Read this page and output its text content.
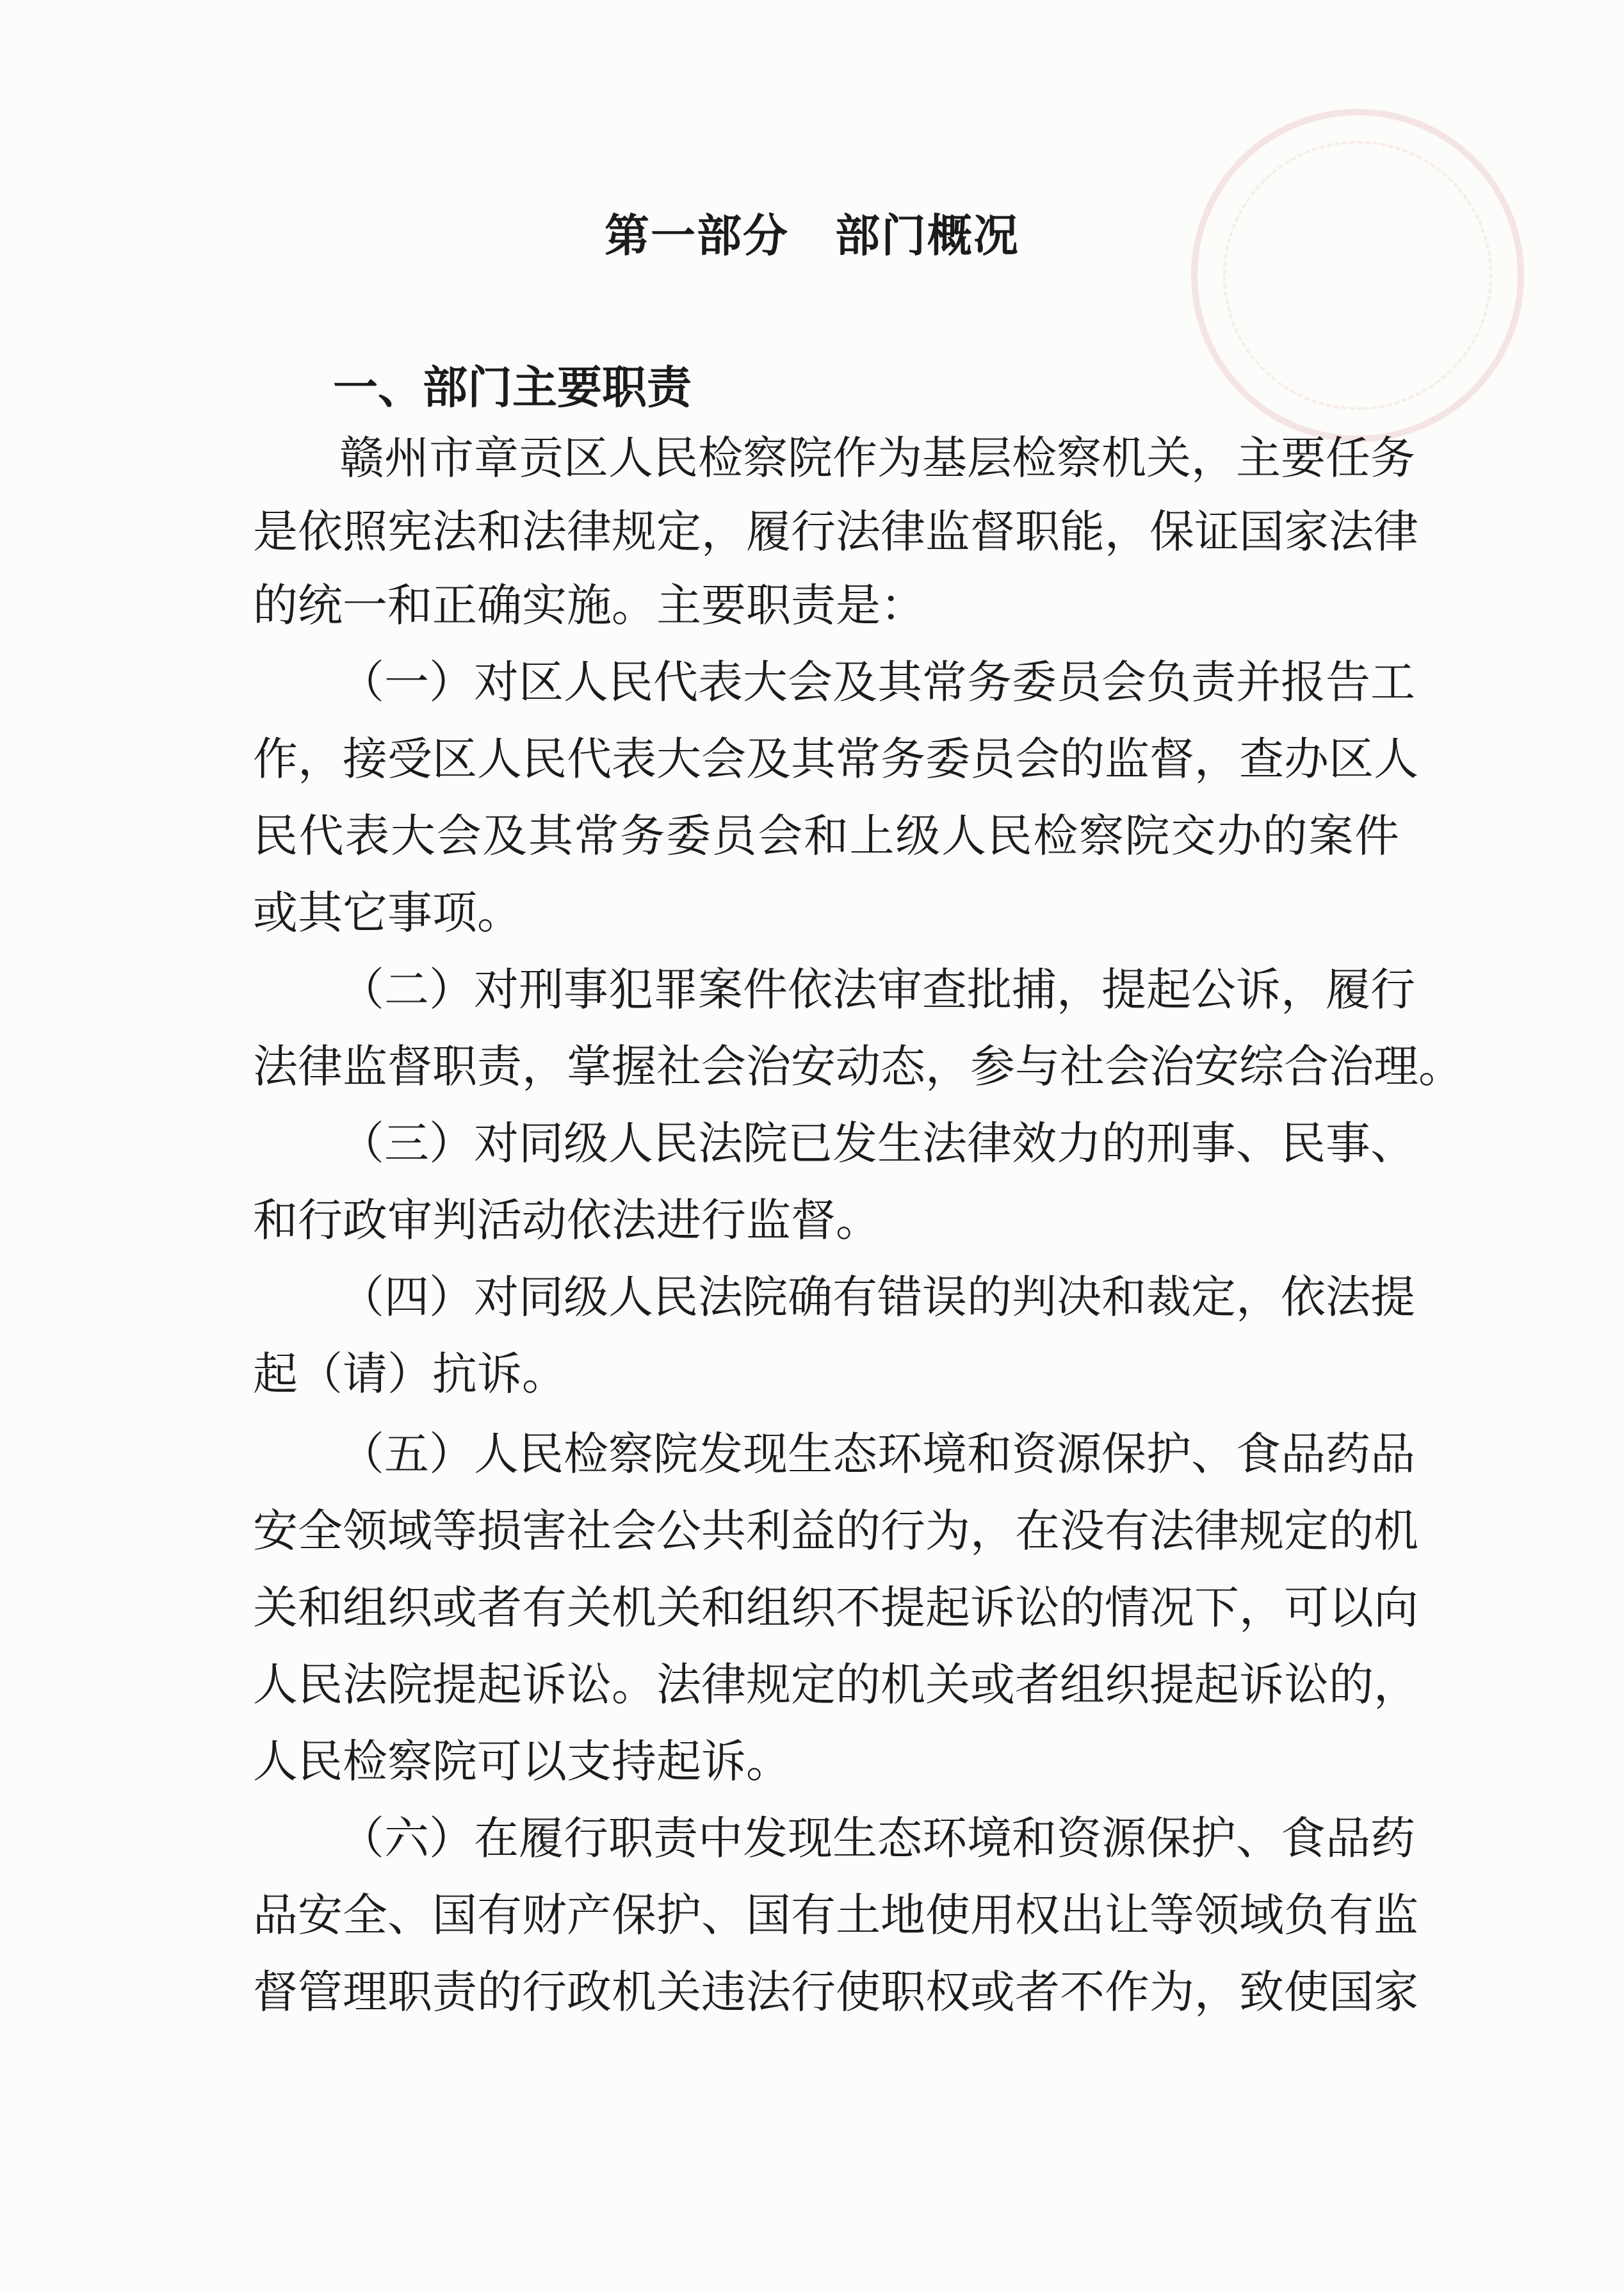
第一部分　部门概况
一、部门主要职责
赣州市章贡区人民检察院作为基层检察机关，主要任务
是依照宪法和法律规定，履行法律监督职能，保证国家法律
的统一和正确实施。主要职责是：
（一）对区人民代表大会及其常务委员会负责并报告工
作，接受区人民代表大会及其常务委员会的监督，查办区人
民代表大会及其常务委员会和上级人民检察院交办的案件
或其它事项。
（二）对刑事犯罪案件依法审查批捕，提起公诉，履行
法律监督职责，掌握社会治安动态，参与社会治安综合治理。
（三）对同级人民法院已发生法律效力的刑事、民事、
和行政审判活动依法进行监督。
（四）对同级人民法院确有错误的判决和裁定，依法提
起（请）抗诉。
（五）人民检察院发现生态环境和资源保护、食品药品
安全领域等损害社会公共利益的行为，在没有法律规定的机
关和组织或者有关机关和组织不提起诉讼的情况下，可以向
人民法院提起诉讼。法律规定的机关或者组织提起诉讼的，
人民检察院可以支持起诉。
（六）在履行职责中发现生态环境和资源保护、食品药
品安全、国有财产保护、国有土地使用权出让等领域负有监
督管理职责的行政机关违法行使职权或者不作为，致使国家
